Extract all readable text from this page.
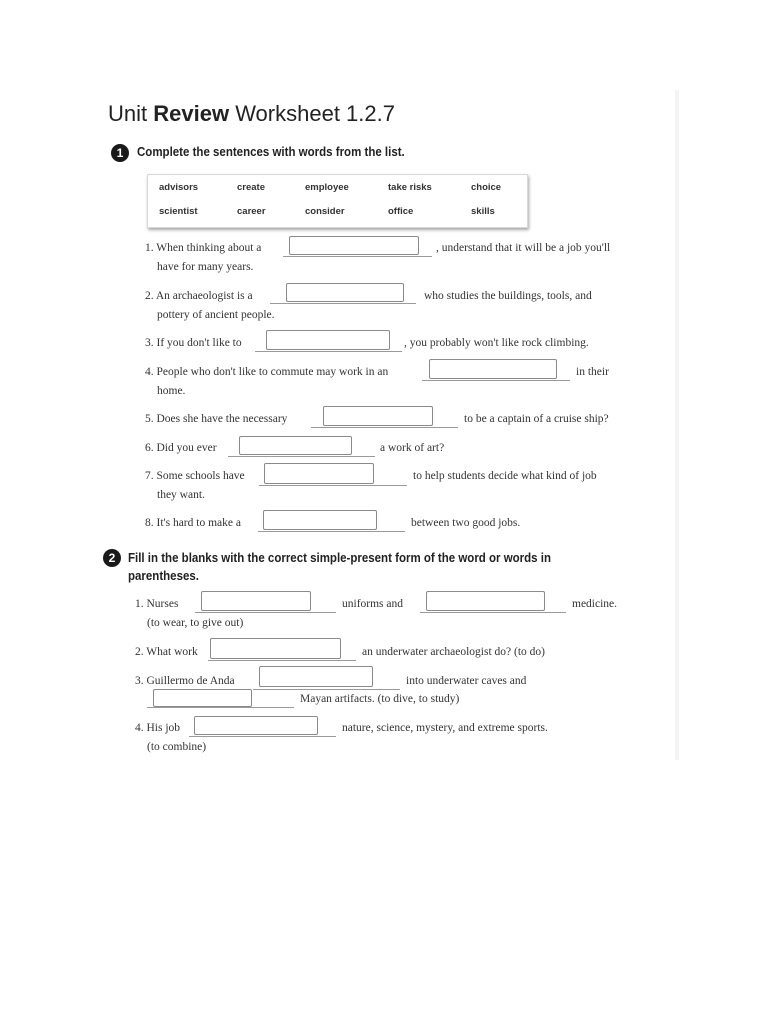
Unit Review Worksheet 1.2.7
1	Complete the sentences with words from the list.
advisors	create	employee	take risks	choice
scientist	career	consider	office	skills
1. When thinking about a	, understand that it will be a job you'll
have for many years.
2. An archaeologist is a	who studies the buildings, tools, and
pottery of ancient people.
3. If you don't like to	, you probably won't like rock climbing.
4. People who don't like to commute may work in an	in their
home.
5. Does she have the necessary	to be a captain of a cruise ship?
6. Did you ever	a work of art?
7. Some schools have	to help students decide what kind of job
they want.
8. It's hard to make a	between two good jobs.
2	Fill in the blanks with the correct simple-present form of the word or words in
parentheses.
1. Nurses	uniforms and	medicine.
(to wear, to give out)
2. What work	an underwater archaeologist do? (to do)
3. Guillermo de Anda	into underwater caves and
Mayan artifacts. (to dive, to study)
4. His job	nature, science, mystery, and extreme sports.
(to combine)
